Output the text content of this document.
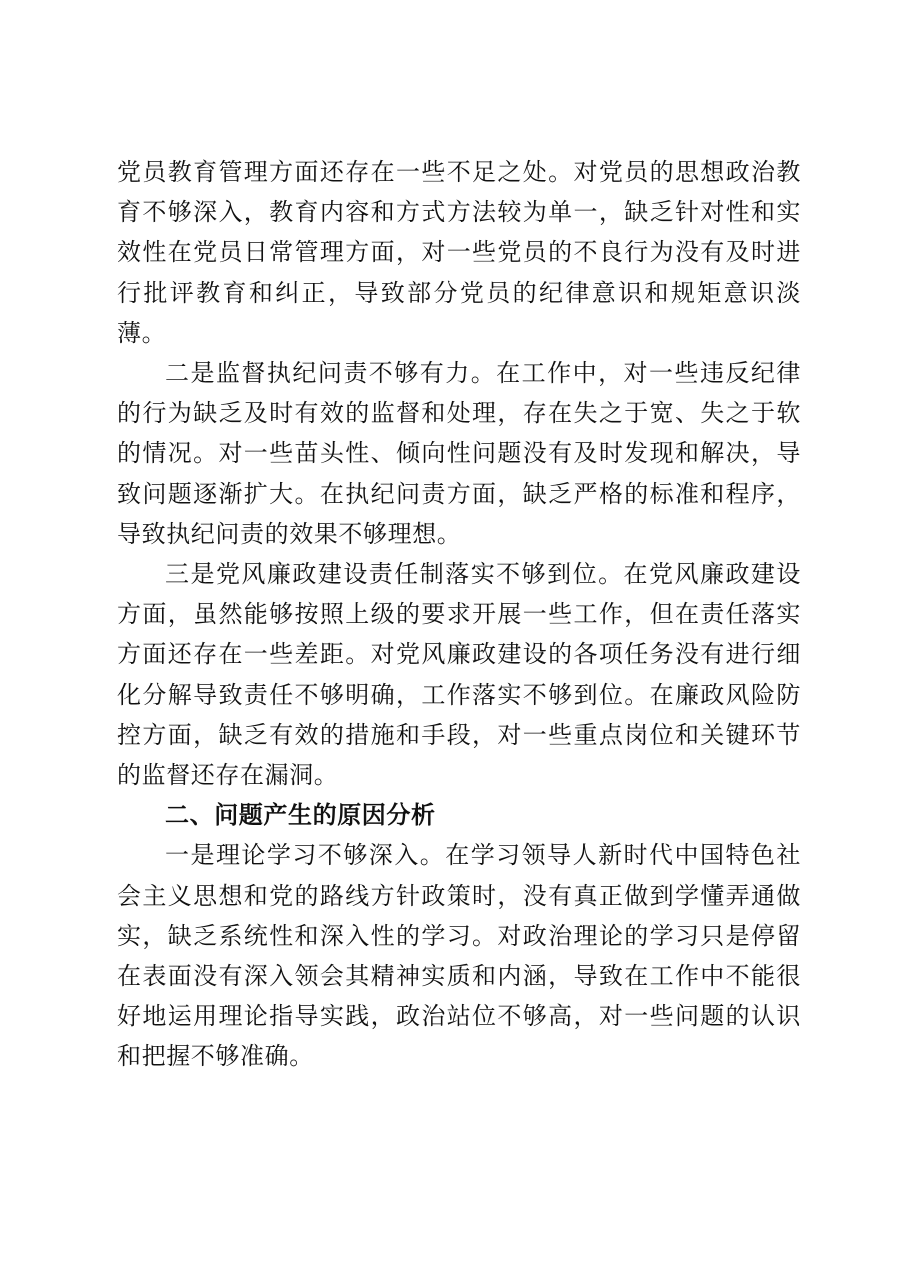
党员教育管理方面还存在一些不足之处。对党员的思想政治教育不够深入，教育内容和方式方法较为单一，缺乏针对性和实效性在党员日常管理方面，对一些党员的不良行为没有及时进行批评教育和纠正，导致部分党员的纪律意识和规矩意识淡薄。

二是监督执纪问责不够有力。在工作中，对一些违反纪律的行为缺乏及时有效的监督和处理，存在失之于宽、失之于软的情况。对一些苗头性、倾向性问题没有及时发现和解决，导致问题逐渐扩大。在执纪问责方面，缺乏严格的标准和程序，导致执纪问责的效果不够理想。

三是党风廉政建设责任制落实不够到位。在党风廉政建设方面，虽然能够按照上级的要求开展一些工作，但在责任落实方面还存在一些差距。对党风廉政建设的各项任务没有进行细化分解导致责任不够明确，工作落实不够到位。在廉政风险防控方面，缺乏有效的措施和手段，对一些重点岗位和关键环节的监督还存在漏洞。

二、问题产生的原因分析

一是理论学习不够深入。在学习领导人新时代中国特色社会主义思想和党的路线方针政策时，没有真正做到学懂弄通做实，缺乏系统性和深入性的学习。对政治理论的学习只是停留在表面没有深入领会其精神实质和内涵，导致在工作中不能很好地运用理论指导实践，政治站位不够高，对一些问题的认识和把握不够准确。
